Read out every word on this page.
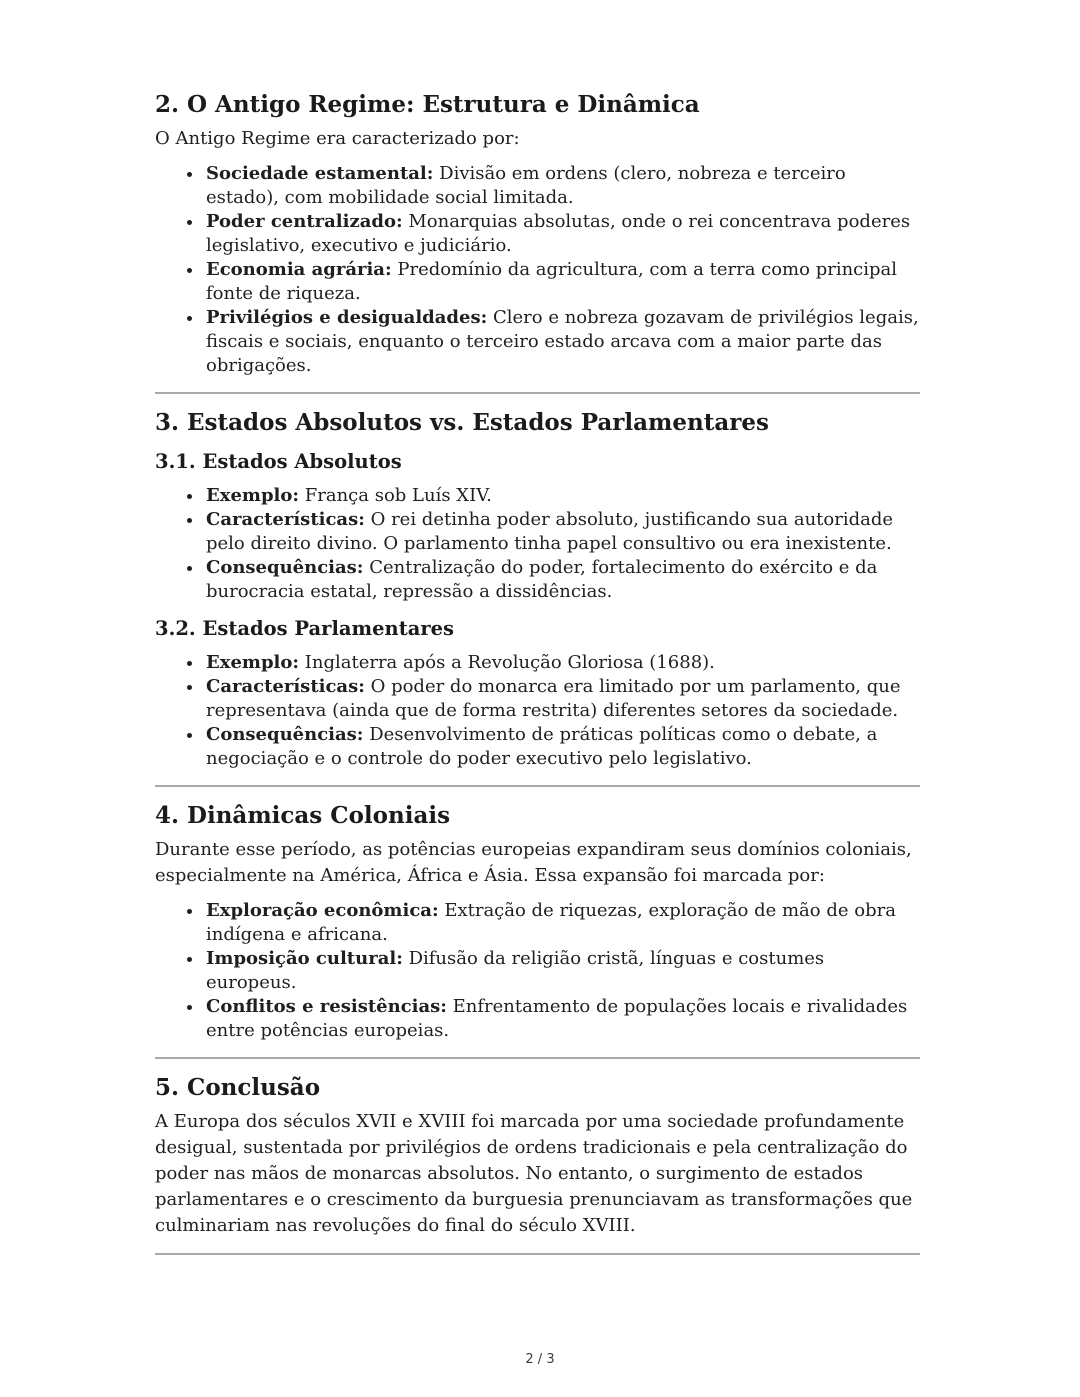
2. O Antigo Regime: Estrutura e Dinâmica

O Antigo Regime era caracterizado por:

• Sociedade estamental: Divisão em ordens (clero, nobreza e terceiro estado), com mobilidade social limitada.
• Poder centralizado: Monarquias absolutas, onde o rei concentrava poderes legislativo, executivo e judiciário.
• Economia agrária: Predomínio da agricultura, com a terra como principal fonte de riqueza.
• Privilégios e desigualdades: Clero e nobreza gozavam de privilégios legais, fiscais e sociais, enquanto o terceiro estado arcava com a maior parte das obrigações.
3. Estados Absolutos vs. Estados Parlamentares
3.1. Estados Absolutos
• Exemplo: França sob Luís XIV.
• Características: O rei detinha poder absoluto, justificando sua autoridade pelo direito divino. O parlamento tinha papel consultivo ou era inexistente.
• Consequências: Centralização do poder, fortalecimento do exército e da burocracia estatal, repressão a dissidências.
3.2. Estados Parlamentares
• Exemplo: Inglaterra após a Revolução Gloriosa (1688).
• Características: O poder do monarca era limitado por um parlamento, que representava (ainda que de forma restrita) diferentes setores da sociedade.
• Consequências: Desenvolvimento de práticas políticas como o debate, a negociação e o controle do poder executivo pelo legislativo.
4. Dinâmicas Coloniais

Durante esse período, as potências europeias expandiram seus domínios coloniais, especialmente na América, África e Ásia. Essa expansão foi marcada por:

• Exploração econômica: Extração de riquezas, exploração de mão de obra indígena e africana.
• Imposição cultural: Difusão da religião cristã, línguas e costumes europeus.
• Conflitos e resistências: Enfrentamento de populações locais e rivalidades entre potências europeias.
5. Conclusão

A Europa dos séculos XVII e XVIII foi marcada por uma sociedade profundamente desigual, sustentada por privilégios de ordens tradicionais e pela centralização do poder nas mãos de monarcas absolutos. No entanto, o surgimento de estados parlamentares e o crescimento da burguesia prenunciavam as transformações que culminariam nas revoluções do final do século XVIII.

2 / 3
